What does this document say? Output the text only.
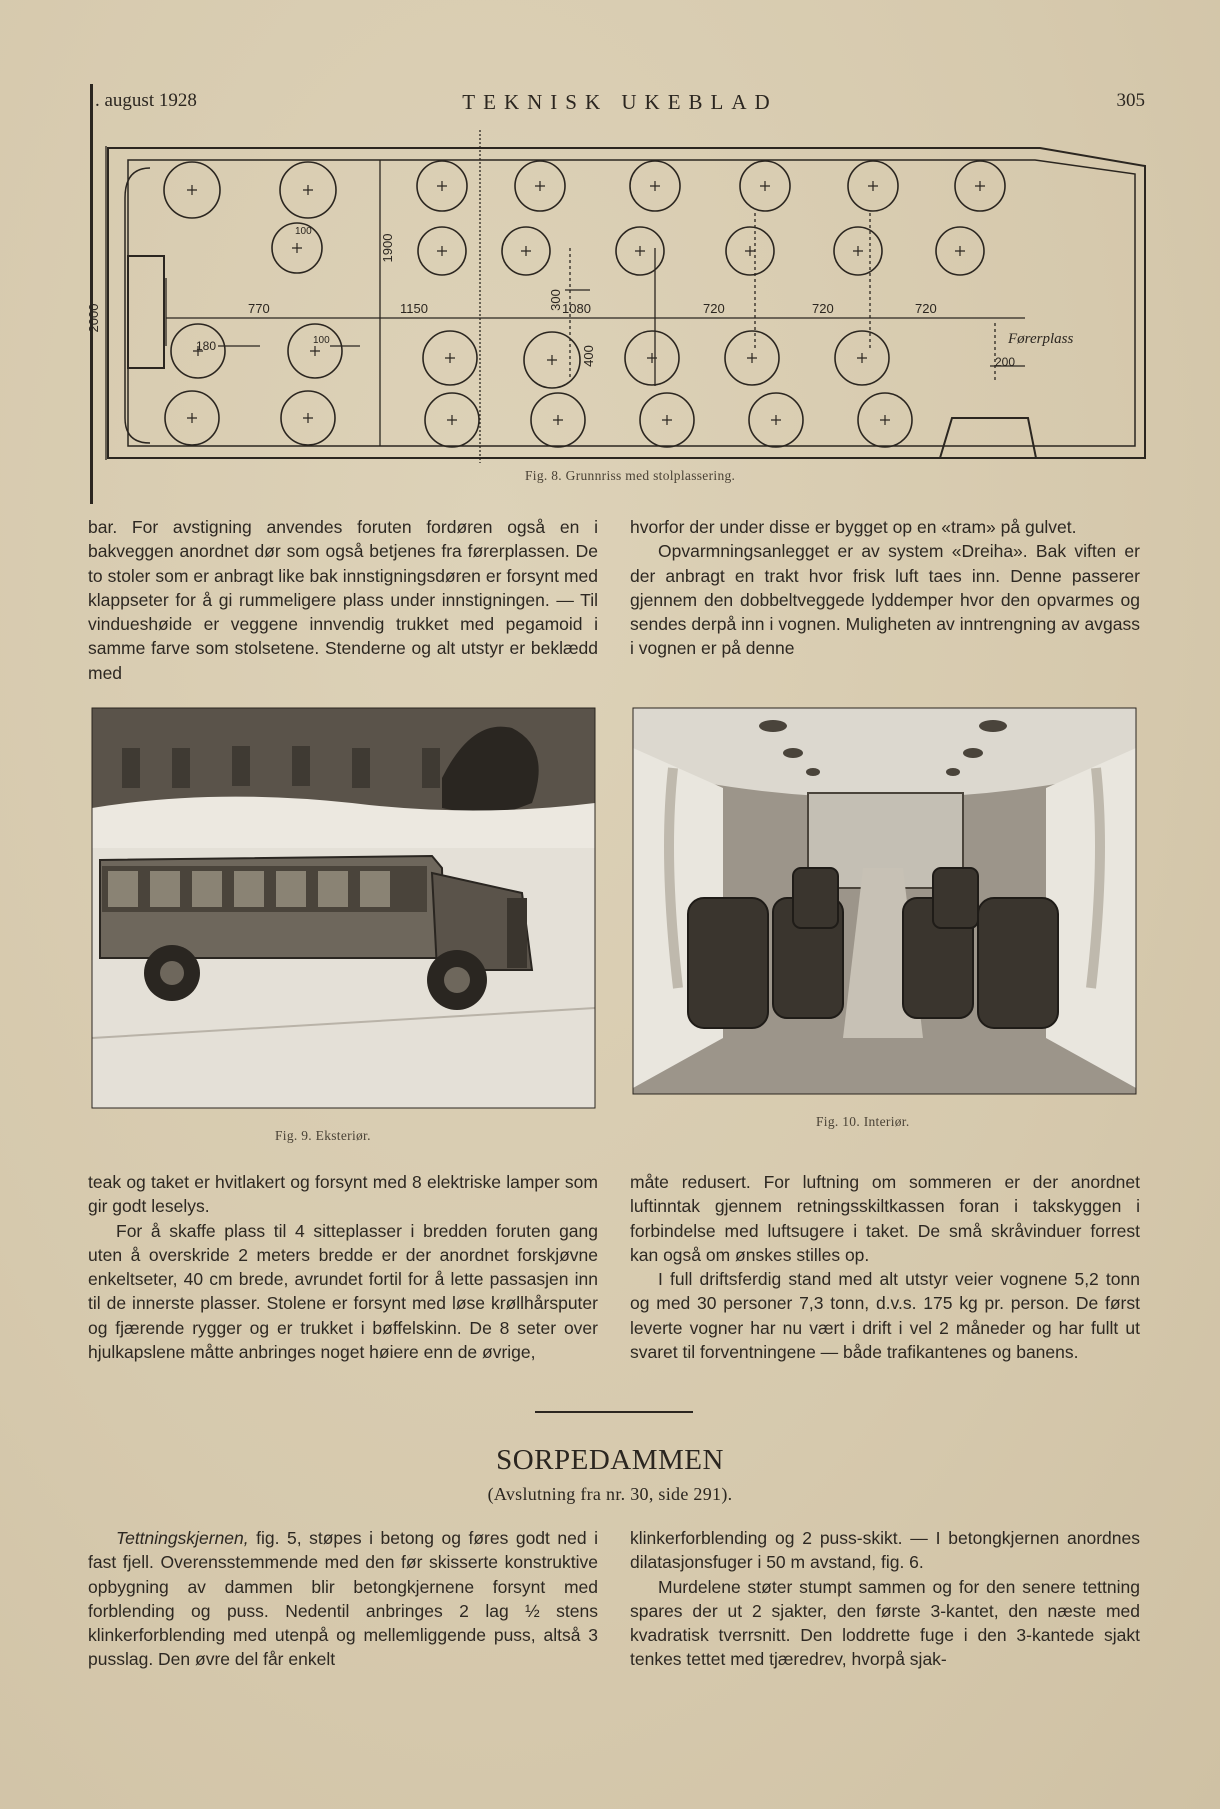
. august 1928	TEKNISK UKEBLAD	305
2000
1900
770	1150	1080	720	720	720
300
400
180
100
100
200
Førerplass
Fig. 8. Grunnriss med stolplassering.

bar. For avstigning anvendes foruten fordøren også en i bakveggen anordnet dør som også betjenes fra førerplassen. De to stoler som er anbragt like bak innstigningsdøren er forsynt med klappseter for å gi rummeligere plass under innstigningen. — Til vindueshøide er veggene innvendig trukket med pegamoid i samme farve som stolsetene. Stenderne og alt utstyr er beklædd med

hvorfor der under disse er bygget op en «tram» på gulvet.

Opvarmningsanlegget er av system «Dreiha». Bak viften er der anbragt en trakt hvor frisk luft taes inn. Denne passerer gjennem den dobbeltveggede lyddemper hvor den opvarmes og sendes derpå inn i vognen. Muligheten av inntrengning av avgass i vognen er på denne

Fig. 9. Eksteriør.
Fig. 10. Interiør.

teak og taket er hvitlakert og forsynt med 8 elektriske lamper som gir godt leselys.

For å skaffe plass til 4 sitteplasser i bredden foruten gang uten å overskride 2 meters bredde er der anordnet forskjøvne enkeltseter, 40 cm brede, avrundet fortil for å lette passasjen inn til de innerste plasser. Stolene er forsynt med løse krøllhårsputer og fjærende rygger og er trukket i bøffelskinn. De 8 seter over hjulkapslene måtte anbringes noget høiere enn de øvrige,

måte redusert. For luftning om sommeren er der anordnet luftinntak gjennem retningsskiltkassen foran i takskyggen i forbindelse med luftsugere i taket. De små skråvinduer forrest kan også om ønskes stilles op.

I full driftsferdig stand med alt utstyr veier vognene 5,2 tonn og med 30 personer 7,3 tonn, d.v.s. 175 kg pr. person. De først leverte vogner har nu vært i drift i vel 2 måneder og har fullt ut svaret til forventningene — både trafikantenes og banens.

SORPEDAMMEN
(Avslutning fra nr. 30, side 291).

Tettningskjernen, fig. 5, støpes i betong og føres godt ned i fast fjell. Overensstemmende med den før skisserte konstruktive opbygning av dammen blir betongkjernene forsynt med forblending og puss. Nedentil anbringes 2 lag ½ stens klinkerforblending med utenpå og mellemliggende puss, altså 3 pusslag. Den øvre del får enkelt

klinkerforblending og 2 puss-skikt. — I betongkjernen anordnes dilatasjonsfuger i 50 m avstand, fig. 6.

Murdelene støter stumpt sammen og for den senere tettning spares der ut 2 sjakter, den første 3-kantet, den næste med kvadratisk tverrsnitt. Den loddrette fuge i den 3-kantede sjakt tenkes tettet med tjæredrev, hvorpå sjak-
